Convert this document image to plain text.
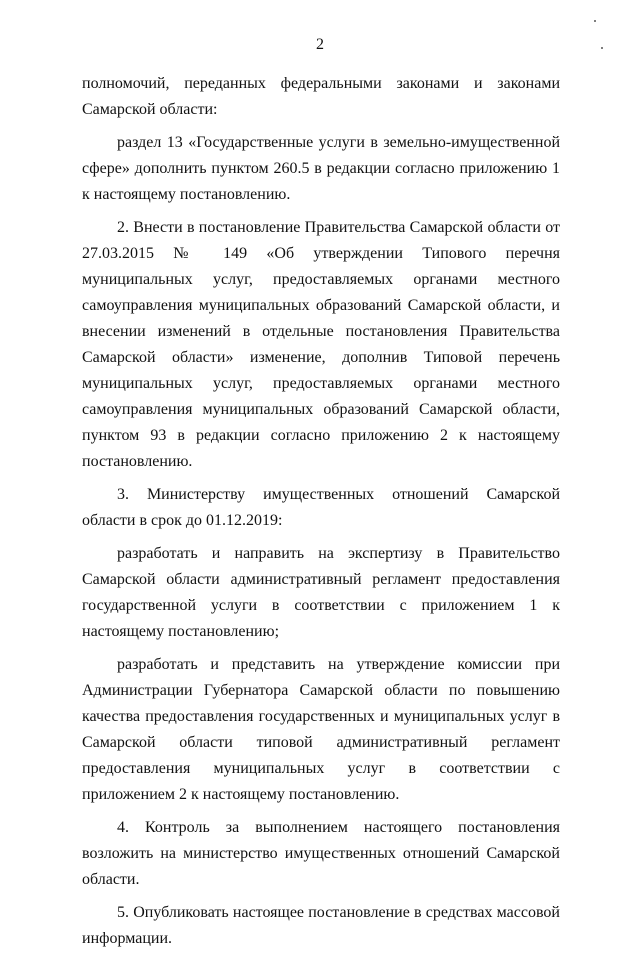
2

полномочий, переданных федеральными законами и законами Самарской области:

раздел 13 «Государственные услуги в земельно-имущественной сфере» дополнить пунктом 260.5 в редакции согласно приложению 1 к настоящему постановлению.

2. Внести в постановление Правительства Самарской области от 27.03.2015 № 149 «Об утверждении Типового перечня муниципальных услуг, предоставляемых органами местного самоуправления муниципальных образований Самарской области, и внесении изменений в отдельные постановления Правительства Самарской области» изменение, дополнив Типовой перечень муниципальных услуг, предоставляемых органами местного самоуправления муниципальных образований Самарской области, пунктом 93 в редакции согласно приложению 2 к настоящему постановлению.

3. Министерству имущественных отношений Самарской области в срок до 01.12.2019:

разработать и направить на экспертизу в Правительство Самарской области административный регламент предоставления государственной услуги в соответствии с приложением 1 к настоящему постановлению;

разработать и представить на утверждение комиссии при Администрации Губернатора Самарской области по повышению качества предоставления государственных и муниципальных услуг в Самарской области типовой административный регламент предоставления муниципальных услуг в соответствии с приложением 2 к настоящему постановлению.

4. Контроль за выполнением настоящего постановления возложить на министерство имущественных отношений Самарской области.

5. Опубликовать настоящее постановление в средствах массовой информации.
